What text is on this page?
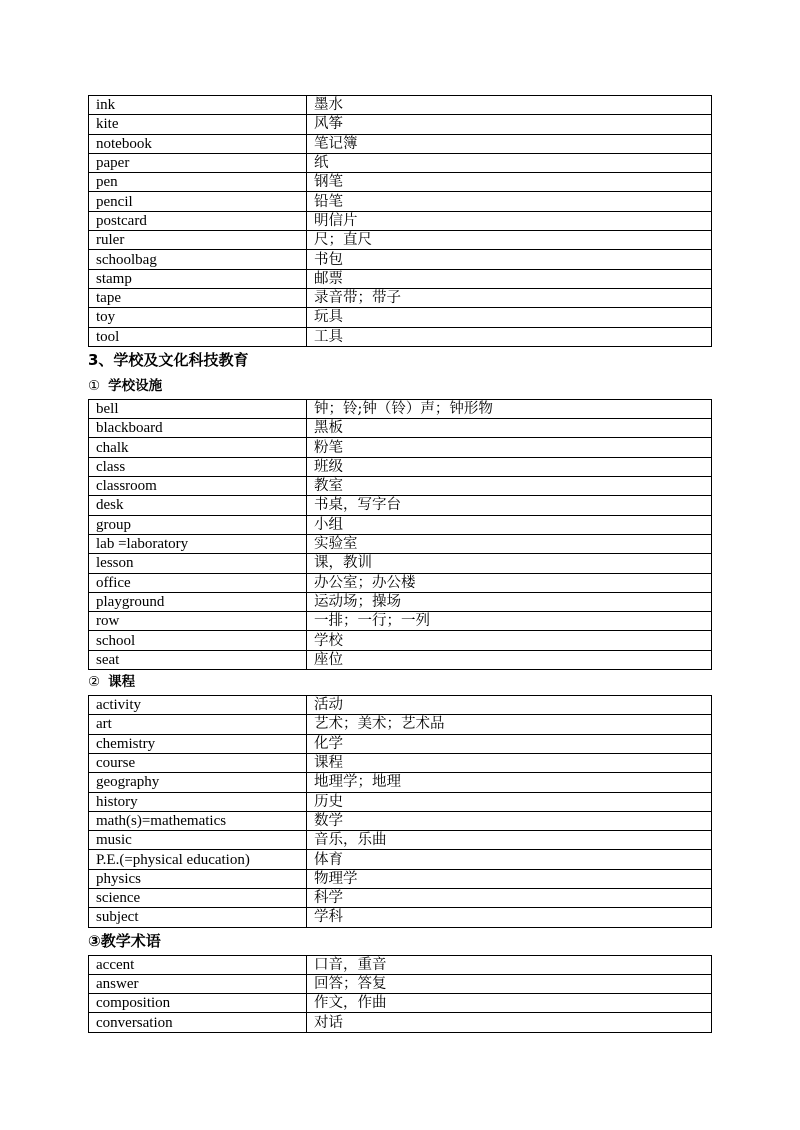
ink	墨水
kite	风筝
notebook	笔记簿
paper	纸
pen	钢笔
pencil	铅笔
postcard	明信片
ruler	尺；直尺
schoolbag	书包
stamp	邮票
tape	录音带；带子
toy	玩具
tool	工具
3、学校及文化科技教育
① 学校设施
bell	钟；铃;钟（铃）声；钟形物
blackboard	黑板
chalk	粉笔
class	班级
classroom	教室
desk	书桌，写字台
group	小组
lab =laboratory	实验室
lesson	课，教训
office	办公室；办公楼
playground	运动场；操场
row	一排；一行；一列
school	学校
seat	座位
② 课程
activity	活动
art	艺术；美术；艺术品
chemistry	化学
course	课程
geography	地理学；地理
history	历史
math(s)=mathematics	数学
music	音乐，乐曲
P.E.(=physical education)	体育
physics	物理学
science	科学
subject	学科
③教学术语
accent	口音，重音
answer	回答；答复
composition	作文，作曲
conversation	对话
